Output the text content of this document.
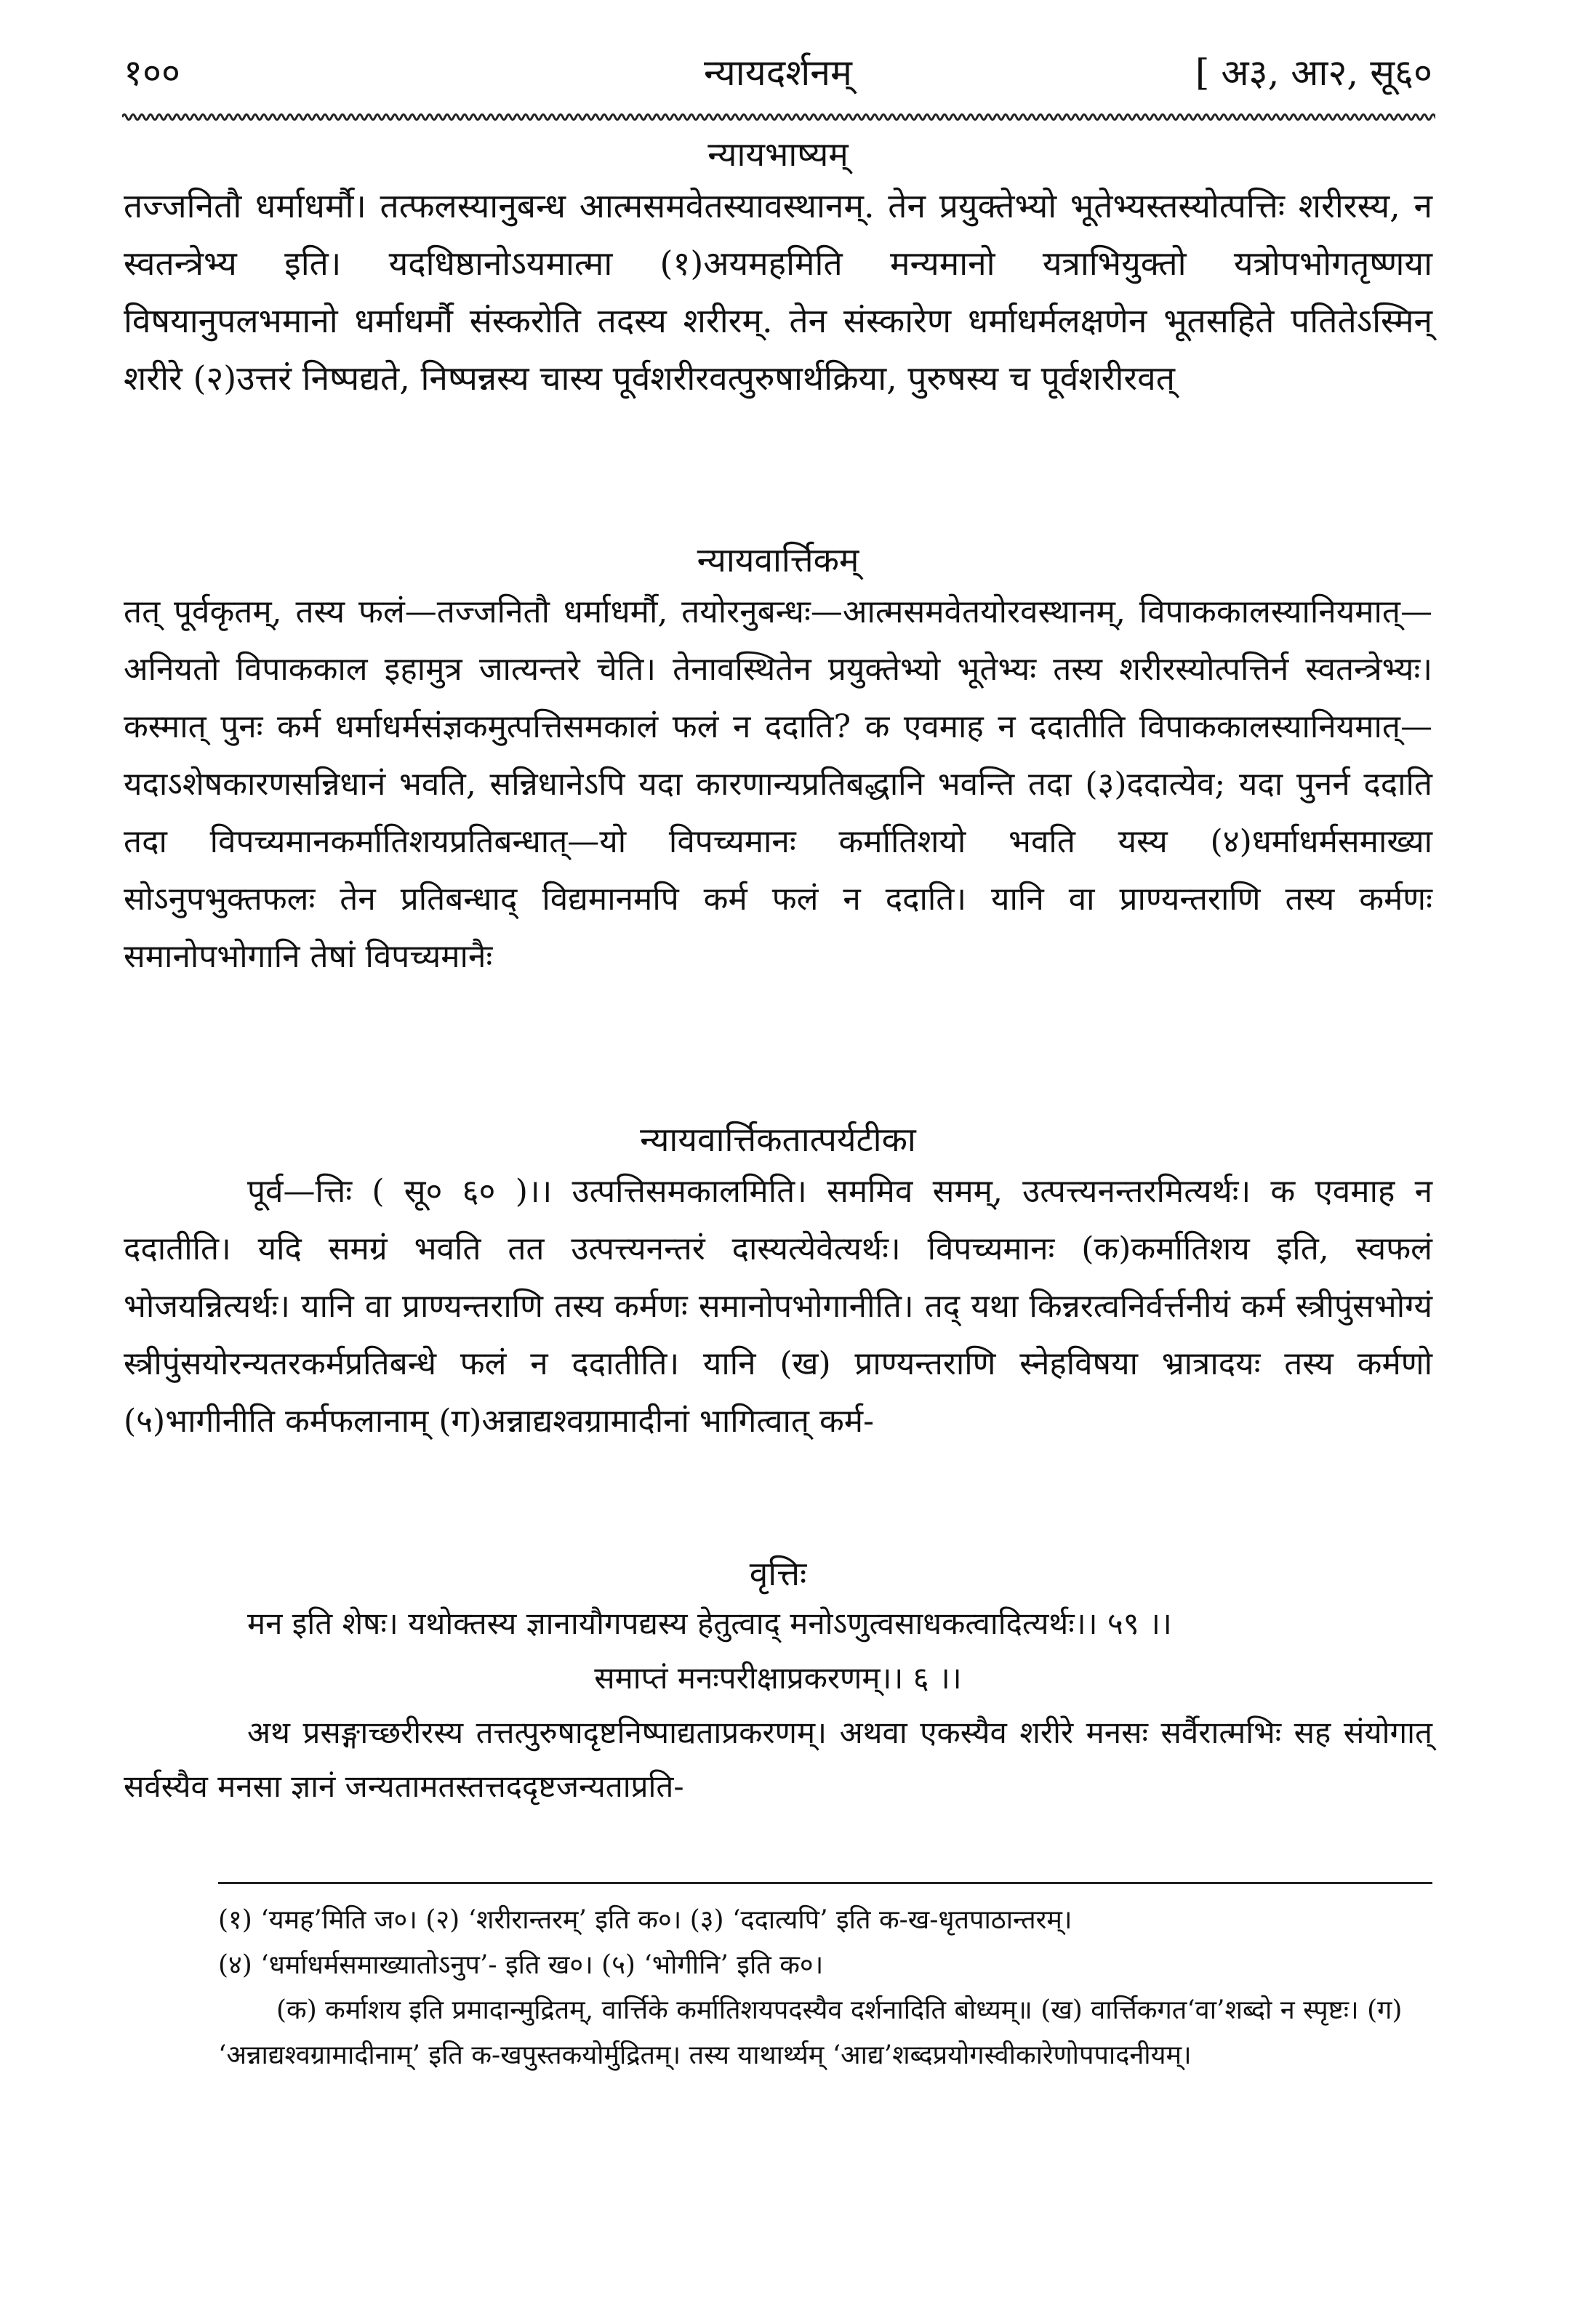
१००	न्यायदर्शनम्	[ अ३, आ२, सू६०
न्यायभाष्यम्
तज्जनितौ धर्माधर्मौ। तत्फलस्यानुबन्ध आत्मसमवेतस्यावस्थानम्. तेन प्रयुक्तेभ्यो भूतेभ्यस्तस्योत्पत्तिः शरीरस्य, न स्वतन्त्रेभ्य इति। यदधिष्ठानोऽयमात्मा (१)अयमहमिति मन्यमानो यत्राभियुक्तो यत्रोपभोगतृष्णया विषयानुपलभमानो धर्माधर्मौ संस्करोति तदस्य शरीरम्. तेन संस्कारेण धर्माधर्मलक्षणेन भूतसहिते पतितेऽस्मिन् शरीरे (२)उत्तरं निष्पद्यते, निष्पन्नस्य चास्य पूर्वशरीरवत्पुरुषार्थक्रिया, पुरुषस्य च पूर्वशरीरवत्
न्यायवार्त्तिकम्
तत् पूर्वकृतम्, तस्य फलं—तज्जनितौ धर्माधर्मौ, तयोरनुबन्धः—आत्मसमवेतयोरवस्थानम्, विपाककालस्यानियमात्—अनियतो विपाककाल इहामुत्र जात्यन्तरे चेति। तेनावस्थितेन प्रयुक्तेभ्यो भूतेभ्यः तस्य शरीरस्योत्पत्तिर्न स्वतन्त्रेभ्यः। कस्मात् पुनः कर्म धर्माधर्मसंज्ञकमुत्पत्तिसमकालं फलं न ददाति? क एवमाह न ददातीति विपाककालस्यानियमात्—यदाऽशेषकारणसन्निधानं भवति, सन्निधानेऽपि यदा कारणान्यप्रतिबद्धानि भवन्ति तदा (३)ददात्येव; यदा पुनर्न ददाति तदा विपच्यमानकर्मातिशयप्रतिबन्धात्—यो विपच्यमानः कर्मातिशयो भवति यस्य (४)धर्माधर्मसमाख्या सोऽनुपभुक्तफलः तेन प्रतिबन्धाद् विद्यमानमपि कर्म फलं न ददाति। यानि वा प्राण्यन्तराणि तस्य कर्मणः समानोपभोगानि तेषां विपच्यमानैः
न्यायवार्त्तिकतात्पर्यटीका
पूर्व—त्तिः ( सू० ६० )।। उत्पत्तिसमकालमिति। सममिव समम्, उत्पत्त्यनन्तरमित्यर्थः। क एवमाह न ददातीति। यदि समग्रं भवति तत उत्पत्त्यनन्तरं दास्यत्येवेत्यर्थः। विपच्यमानः (क)कर्मातिशय इति, स्वफलं भोजयन्नित्यर्थः। यानि वा प्राण्यन्तराणि तस्य कर्मणः समानोपभोगानीति। तद् यथा किन्नरत्वनिर्वर्त्तनीयं कर्म स्त्रीपुंसभोग्यं स्त्रीपुंसयोरन्यतरकर्मप्रतिबन्धे फलं न ददातीति। यानि (ख) प्राण्यन्तराणि स्नेहविषया भ्रात्रादयः तस्य कर्मणो (५)भागीनीति कर्मफलानाम् (ग)अन्नाद्यश्वग्रामादीनां भागित्वात् कर्म-
वृत्तिः
मन इति शेषः। यथोक्तस्य ज्ञानायौगपद्यस्य हेतुत्वाद् मनोऽणुत्वसाधकत्वादित्यर्थः।। ५९ ।।
समाप्तं मनःपरीक्षाप्रकरणम्।। ६ ।।
अथ प्रसङ्गाच्छरीरस्य तत्तत्पुरुषादृष्टनिष्पाद्यताप्रकरणम्। अथवा एकस्यैव शरीरे मनसः सर्वैरात्मभिः सह संयोगात् सर्वस्यैव मनसा ज्ञानं जन्यतामतस्तत्तददृष्टजन्यताप्रति-

(१) ‘यमह’मिति ज०। (२) ‘शरीरान्तरम्’ इति क०। (३) ‘ददात्यपि’ इति क-ख-धृतपाठान्तरम्।

(४) ‘धर्माधर्मसमाख्यातोऽनुप’- इति ख०। (५) ‘भोगीनि’ इति क०।

(क) कर्माशय इति प्रमादान्मुद्रितम्, वार्त्तिके कर्मातिशयपदस्यैव दर्शनादिति बोध्यम्॥ (ख) वार्त्तिकगत‘वा’शब्दो न स्पृष्टः। (ग) ‘अन्नाद्यश्वग्रामादीनाम्’ इति क-खपुस्तकयोर्मुद्रितम्। तस्य याथार्थ्यम् ‘आद्य’शब्दप्रयोगस्वीकारेणोपपादनीयम्।
